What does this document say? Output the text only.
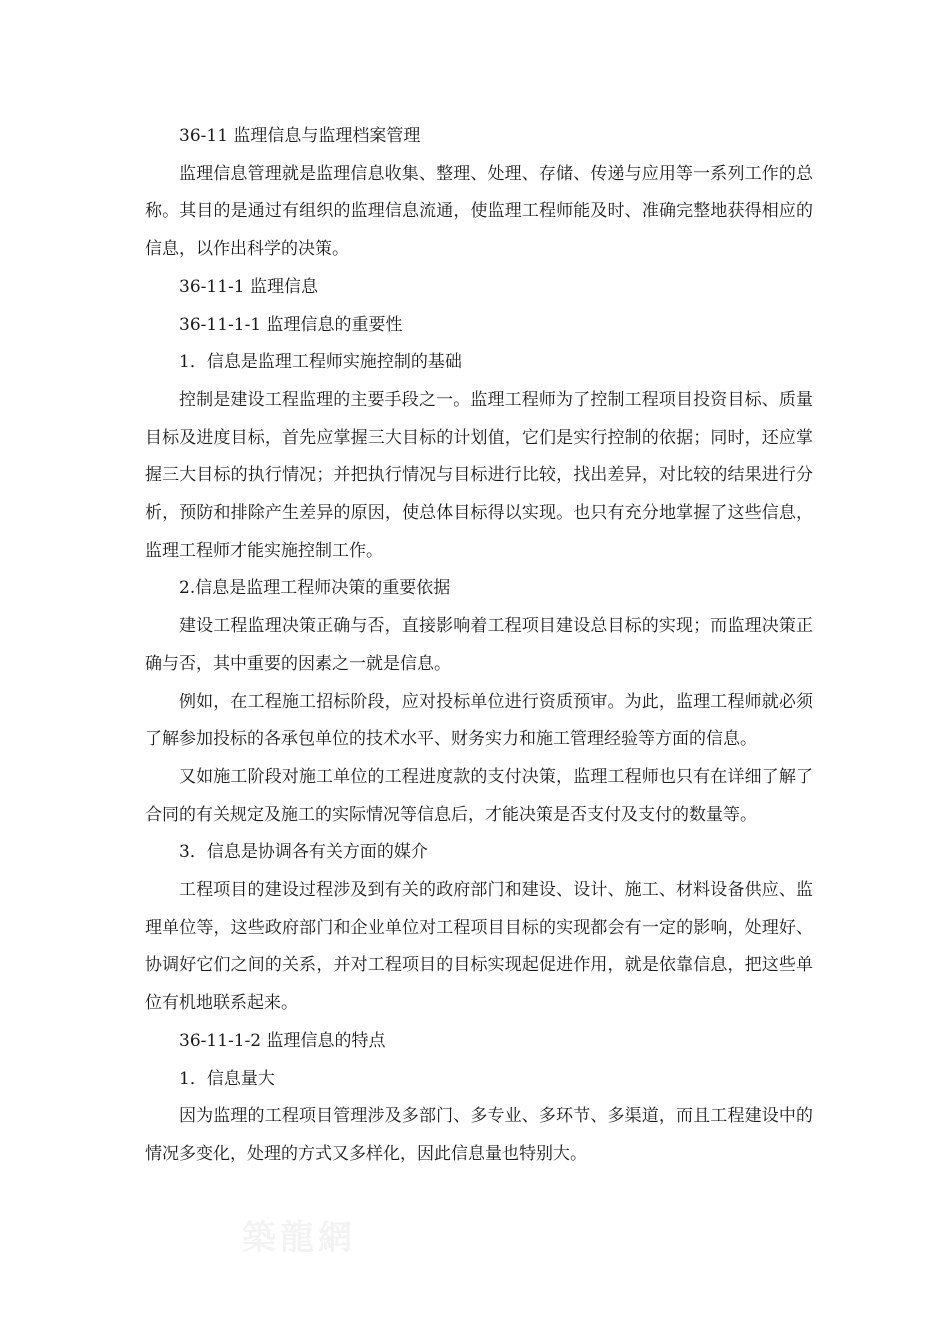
36-11 监理信息与监理档案管理

监理信息管理就是监理信息收集、整理、处理、存储、传递与应用等一系列工作的总称。其目的是通过有组织的监理信息流通，使监理工程师能及时、准确完整地获得相应的信息，以作出科学的决策。

36-11-1 监理信息

36-11-1-1 监理信息的重要性

1．信息是监理工程师实施控制的基础

控制是建设工程监理的主要手段之一。监理工程师为了控制工程项目投资目标、质量目标及进度目标，首先应掌握三大目标的计划值，它们是实行控制的依据；同时，还应掌握三大目标的执行情况；并把执行情况与目标进行比较，找出差异，对比较的结果进行分析，预防和排除产生差异的原因，使总体目标得以实现。也只有充分地掌握了这些信息，监理工程师才能实施控制工作。

2.信息是监理工程师决策的重要依据

建设工程监理决策正确与否，直接影响着工程项目建设总目标的实现；而监理决策正确与否，其中重要的因素之一就是信息。

例如，在工程施工招标阶段，应对投标单位进行资质预审。为此，监理工程师就必须了解参加投标的各承包单位的技术水平、财务实力和施工管理经验等方面的信息。

又如施工阶段对施工单位的工程进度款的支付决策，监理工程师也只有在详细了解了合同的有关规定及施工的实际情况等信息后，才能决策是否支付及支付的数量等。

3．信息是协调各有关方面的媒介

工程项目的建设过程涉及到有关的政府部门和建设、设计、施工、材料设备供应、监理单位等，这些政府部门和企业单位对工程项目目标的实现都会有一定的影响，处理好、协调好它们之间的关系，并对工程项目的目标实现起促进作用，就是依靠信息，把这些单位有机地联系起来。

36-11-1-2 监理信息的特点

1．信息量大

因为监理的工程项目管理涉及多部门、多专业、多环节、多渠道，而且工程建设中的情况多变化，处理的方式又多样化，因此信息量也特别大。

築龍網
